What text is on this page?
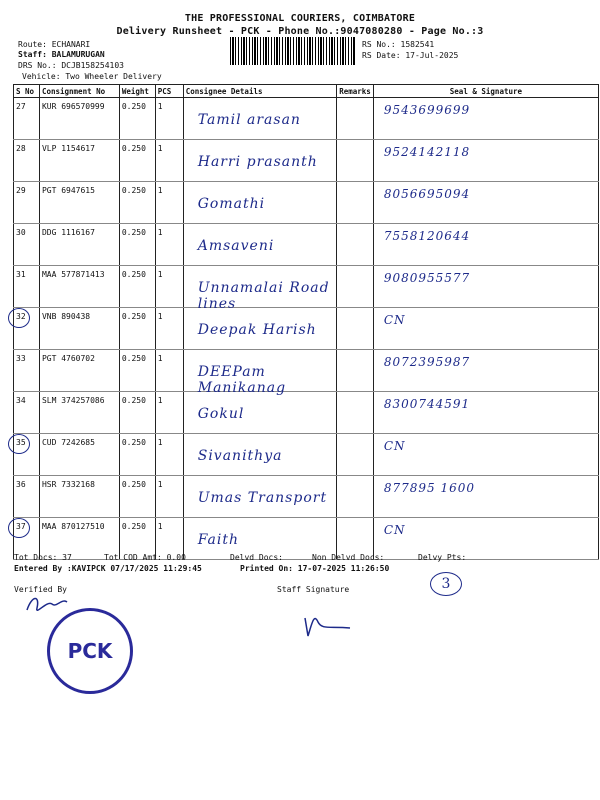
THE PROFESSIONAL COURIERS, COIMBATORE
Delivery Runsheet - PCK - Phone No.:9047080280 - Page No.:3
Route: ECHANARI
Staff: BALAMURUGAN
DRS No.: DCJB158254103
Vehicle: Two Wheeler Delivery
RS No.: 1582541
RS Date: 17-Jul-2025
S No	Consignment No	Weight	PCS	Consignee Details	Remarks	Seal & Signature
27	KUR 696570999	0.250	1	Tamil arasan		9543699699

28	VLP 1154617	0.250	1	Harri prasanth		9524142118

29	PGT 6947615	0.250	1	Gomathi		8056695094

30	DDG 1116167	0.250	1	Amsaveni		7558120644

31	MAA 577871413	0.250	1	Unnamalai Road lines		9080955577

32	VNB 890438	0.250	1	Deepak Harish		CN

33	PGT 4760702	0.250	1	DEEPam Manikanag		8072395987

34	SLM 374257086	0.250	1	Gokul		8300744591

35	CUD 7242685	0.250	1	Sivanithya		CN

36	HSR 7332168	0.250	1	Umas Transport		877895 1600

37	MAA 870127510	0.250	1	Faith		CN
Tot Docs: 37	Tot COD Amt: 0.00	Delvd Docs:	Non Delvd Docs:	Delvy Pts:
Entered By :KAVIPCK 07/17/2025 11:29:45	Printed On: 17-07-2025 11:26:50
3
Verified By	Staff Signature
PCK
